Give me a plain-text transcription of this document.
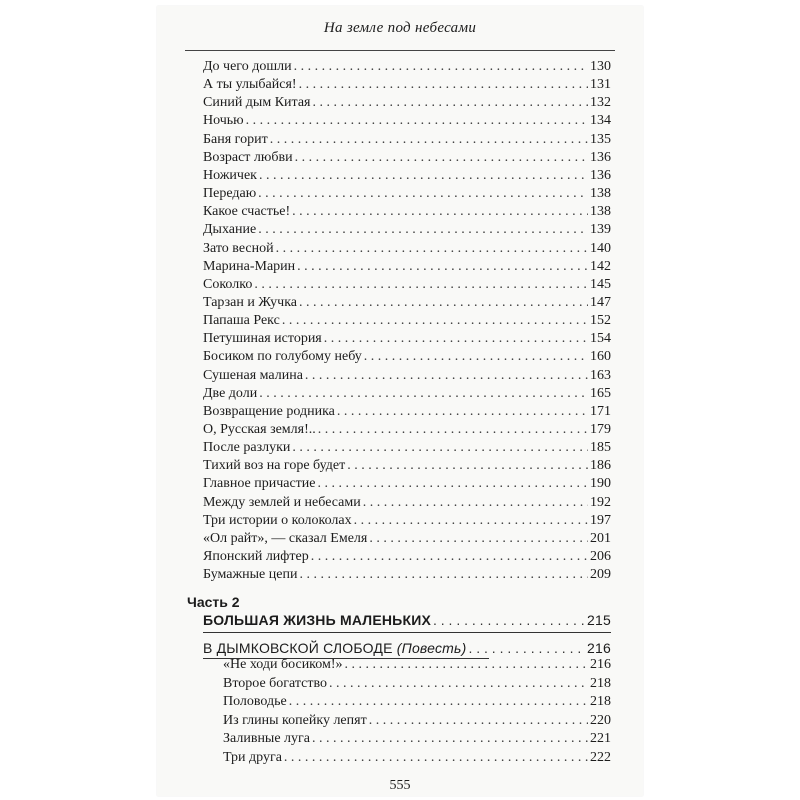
На земле под небесами
До чего дошли . . .	130
А ты улыбайся! . . .	131
Синий дым Китая . . .	132
Ночью . . .	134
Баня горит . . .	135
Возраст любви . . .	136
Ножичек . . .	136
Передаю . . .	138
Какое счастье! . . .	138
Дыхание . . .	139
Зато весной . . .	140
Марина-Марин . . .	142
Соколко . . .	145
Тарзан и Жучка . . .	147
Папаша Рекс . . .	152
Петушиная история . . .	154
Босиком по голубому небу . . .	160
Сушеная малина . . .	163
Две доли . . .	165
Возвращение родника . . .	171
О, Русская земля!.. . . .	179
После разлуки . . .	185
Тихий воз на горе будет . . .	186
Главное причастие . . .	190
Между землей и небесами . . .	192
Три истории о колоколах . . .	197
«Ол райт», — сказал Емеля . . .	201
Японский лифтер . . .	206
Бумажные цепи . . .	209
Часть 2
БОЛЬШАЯ ЖИЗНЬ МАЛЕНЬКИХ . . .	215
В ДЫМКОВСКОЙ СЛОБОДЕ (Повесть) . . .	216
«Не ходи босиком!» . . .	216
Второе богатство . . .	218
Половодье . . .	218
Из глины копейку лепят . . .	220
Заливные луга . . .	221
Три друга . . .	222
555
